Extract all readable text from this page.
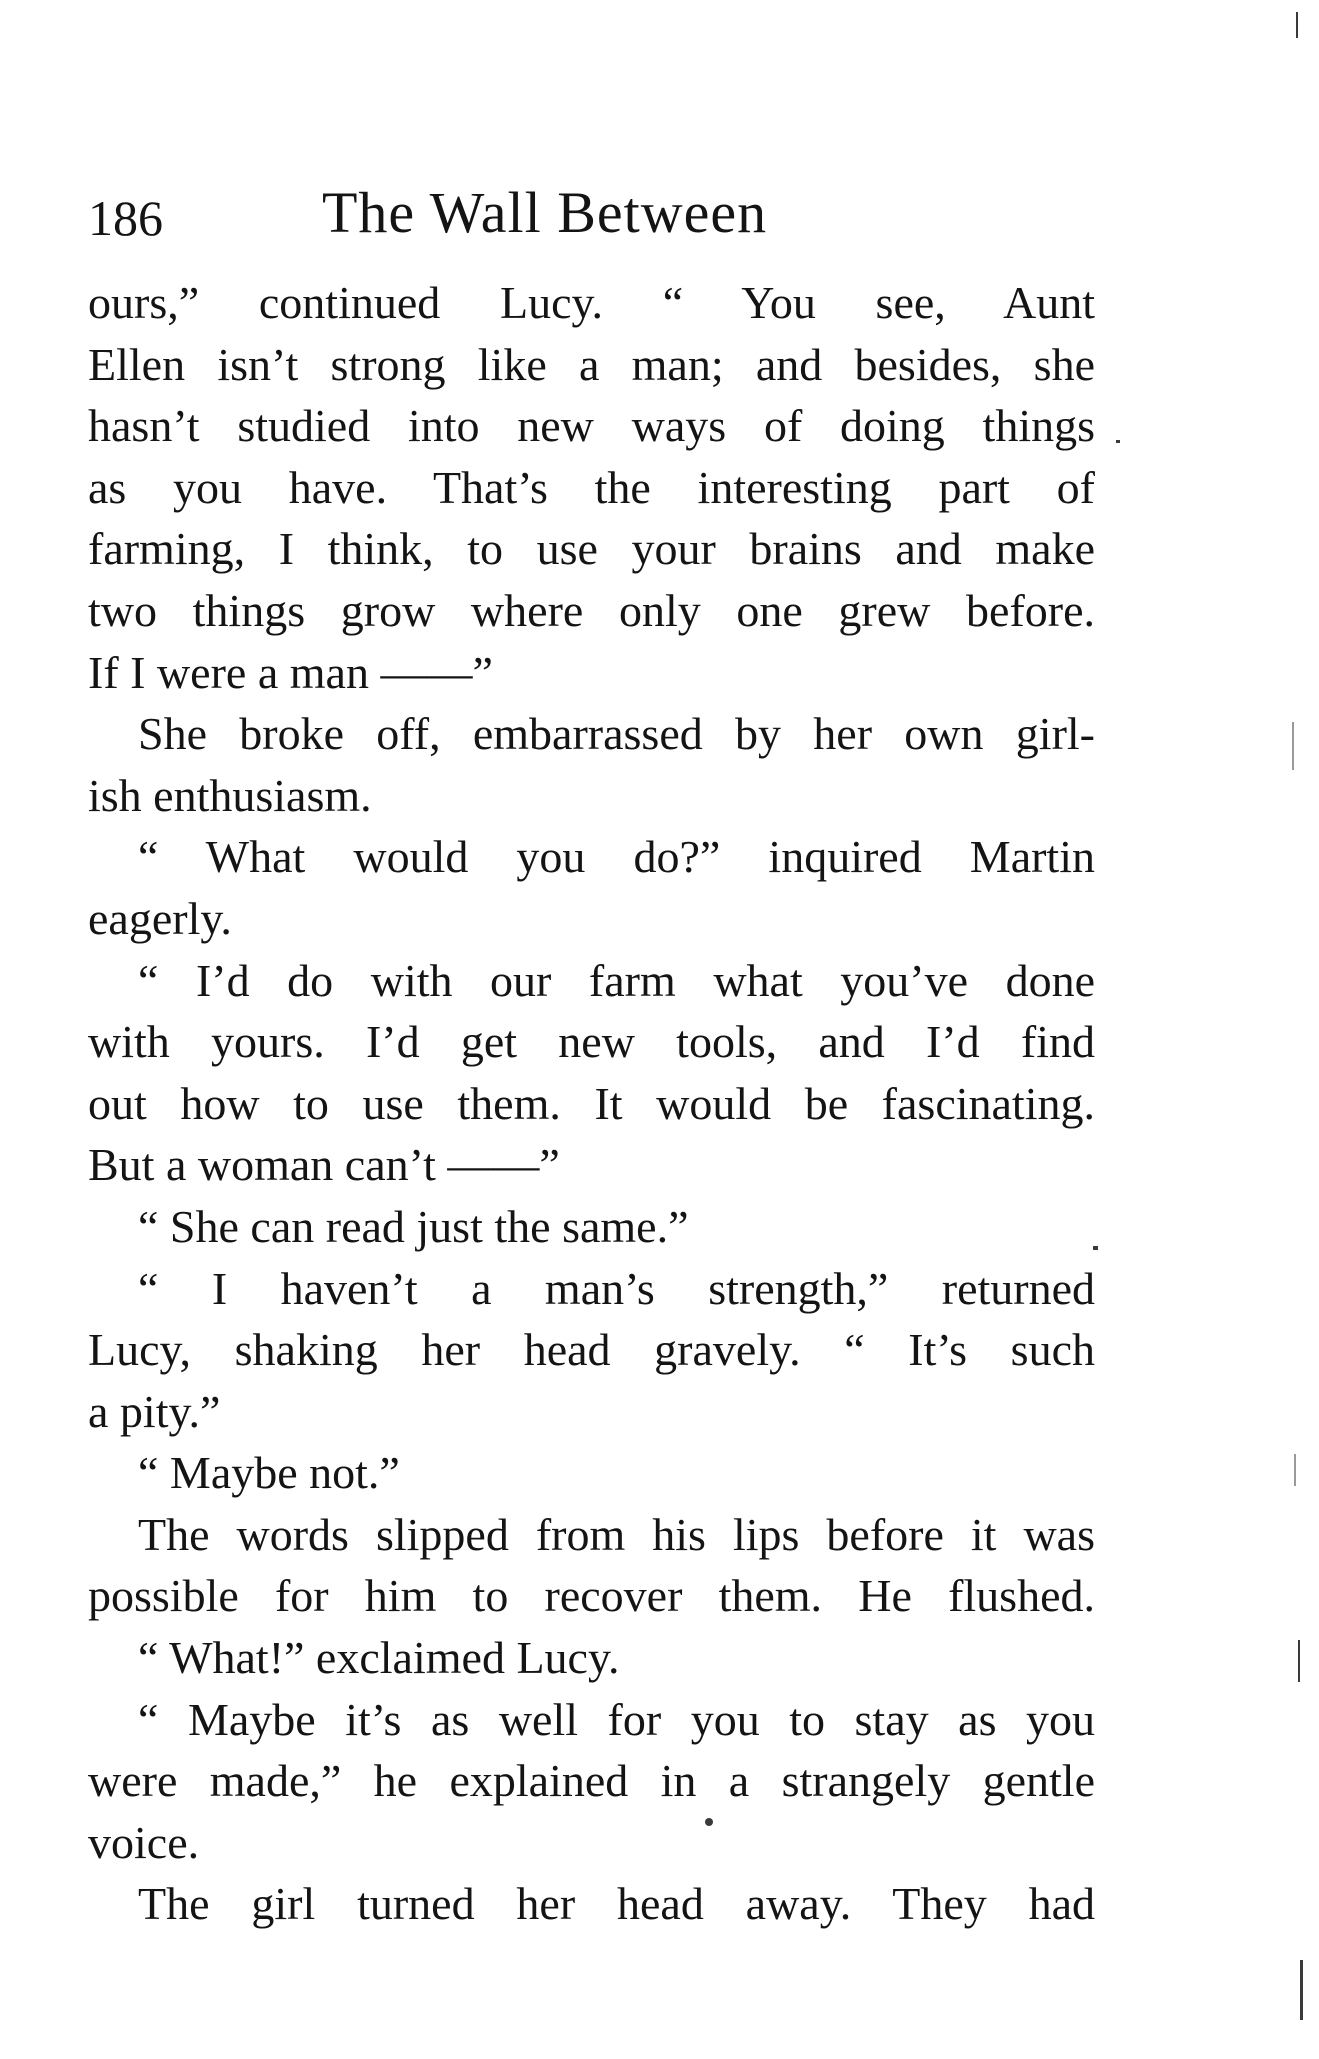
186	The Wall Between
ours,” continued Lucy. “ You see, Aunt
Ellen isn’t strong like a man; and besides, she
hasn’t studied into new ways of doing things
as you have. That’s the interesting part of
farming, I think, to use your brains and make
two things grow where only one grew before.
If I were a man ——”
She broke off, embarrassed by her own girl-
ish enthusiasm.
“ What would you do?” inquired Martin
eagerly.
“ I’d do with our farm what you’ve done
with yours. I’d get new tools, and I’d find
out how to use them. It would be fascinating.
But a woman can’t ——”
“ She can read just the same.”
“ I haven’t a man’s strength,” returned
Lucy, shaking her head gravely. “ It’s such
a pity.”
“ Maybe not.”
The words slipped from his lips before it was
possible for him to recover them. He flushed.
“ What!” exclaimed Lucy.
“ Maybe it’s as well for you to stay as you
were made,” he explained in a strangely gentle
voice.
The girl turned her head away. They had
